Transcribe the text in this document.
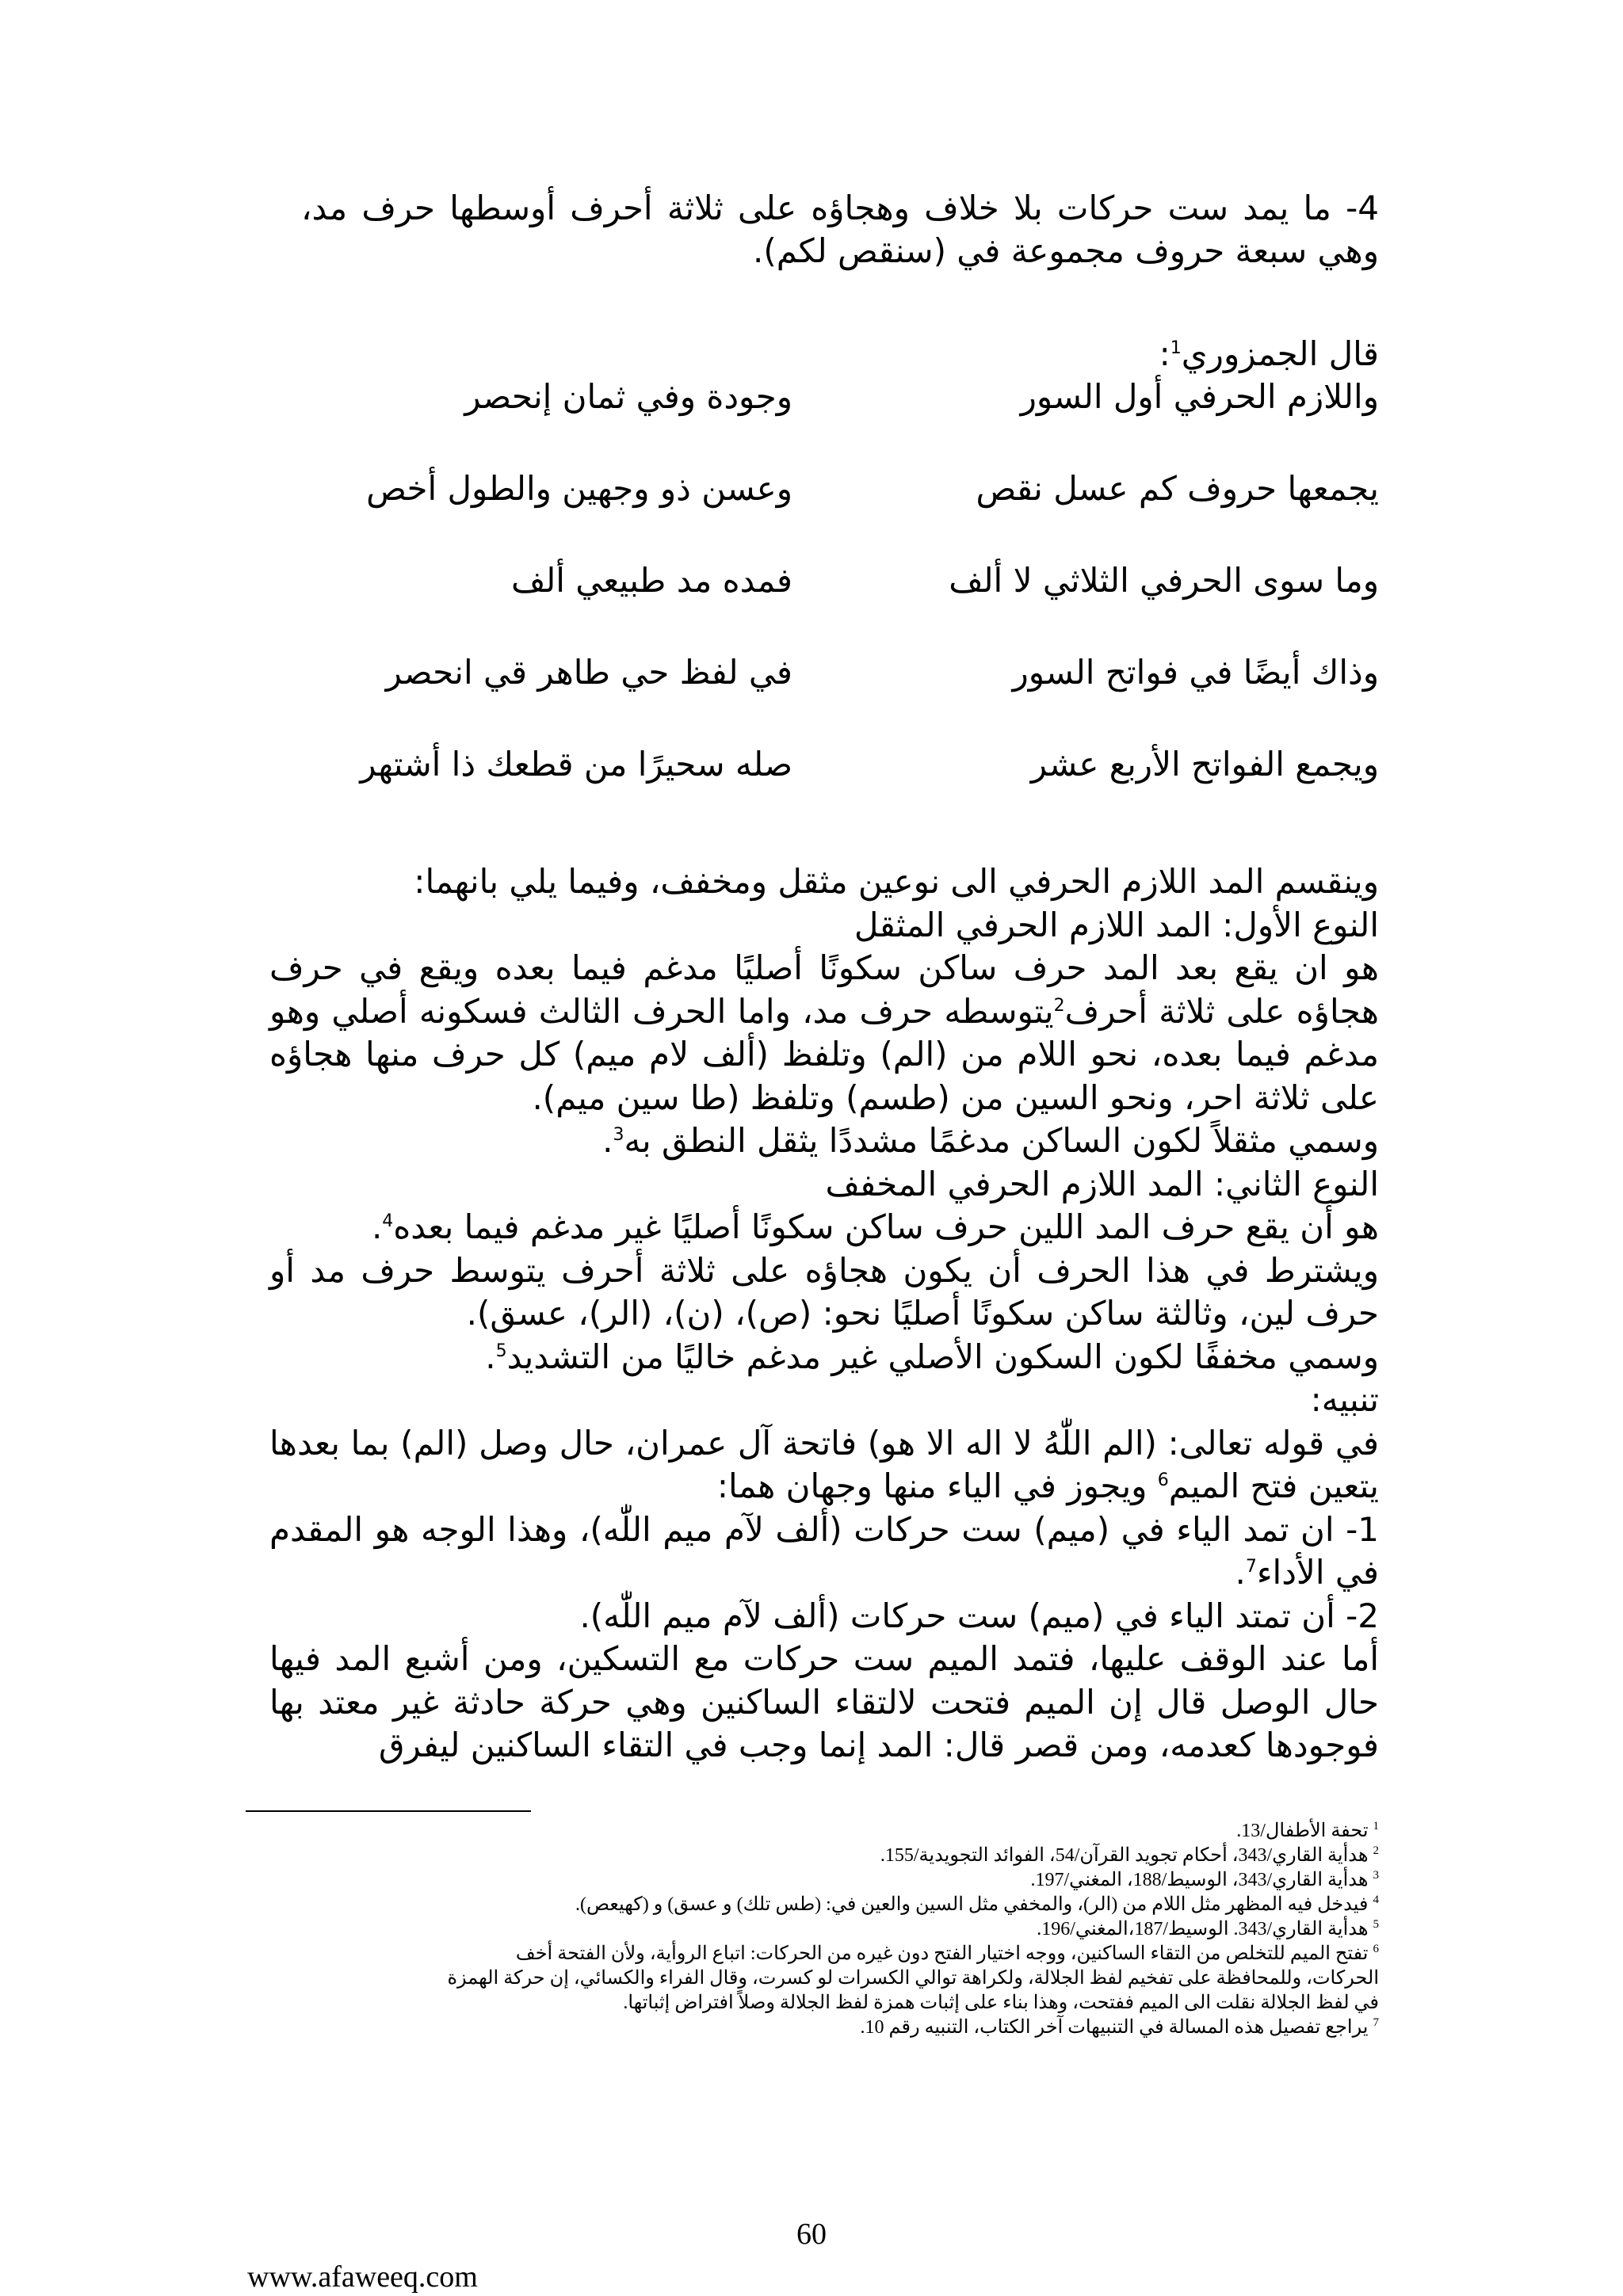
4- ما يمد ست حركات بلا خلاف وهجاؤه على ثلاثة أحرف أوسطها حرف مد، وهي سبعة حروف مجموعة في (سنقص لكم).

قال الجمزوري$^1$:
واللازم الحرفي أول السور
وجودة وفي ثمان إنحصر
يجمعها حروف كم عسل نقص
وعسن ذو وجهين والطول أخص
وما سوى الحرفي الثلاثي لا ألف
فمده مد طبيعي ألف
وذاك أيضًا في فواتح السور
في لفظ حي طاهر قي انحصر
ويجمع الفواتح الأربع عشر
صله سحيرًا من قطعك ذا أشتهر

وينقسم المد اللازم الحرفي الى نوعين مثقل ومخفف، وفيما يلي بانهما:

النوع الأول: المد اللازم الحرفي المثقل

هو ان يقع بعد المد حرف ساكن سكونًا أصليًا مدغم فيما بعده ويقع في حرف هجاؤه على ثلاثة أحرف$^2$يتوسطه حرف مد، واما الحرف الثالث فسكونه أصلي وهو مدغم فيما بعده، نحو اللام من (الم) وتلفظ (ألف لام ميم) كل حرف منها هجاؤه على ثلاثة احر، ونحو السين من (طسم) وتلفظ (طا سين ميم).

وسمي مثقلاً لكون الساكن مدغمًا مشددًا يثقل النطق به$^3$.

النوع الثاني: المد اللازم الحرفي المخفف

هو أن يقع حرف المد اللين حرف ساكن سكونًا أصليًا غير مدغم فيما بعده$^4$.

ويشترط في هذا الحرف أن يكون هجاؤه على ثلاثة أحرف يتوسط حرف مد أو حرف لين، وثالثة ساكن سكونًا أصليًا نحو: (ص)، (ن)، (الر)، عسق).

وسمي مخففًا لكون السكون الأصلي غير مدغم خاليًا من التشديد$^5$.

تنبيه:

في قوله تعالى: (الم اللّٰهُ لا اله الا هو) فاتحة آل عمران، حال وصل (الم) بما بعدها يتعين فتح الميم$^6$ ويجوز في الياء منها وجهان هما:

1- ان تمد الياء في (ميم) ست حركات (ألف لآم ميم اللّٰه)، وهذا الوجه هو المقدم في الأداء$^7$.

2- أن تمتد الياء في (ميم) ست حركات (ألف لآم ميم اللّٰه).

أما عند الوقف عليها، فتمد الميم ست حركات مع التسكين، ومن أشبع المد فيها حال الوصل قال إن الميم فتحت لالتقاء الساكنين وهي حركة حادثة غير معتد بها فوجودها كعدمه، ومن قصر قال: المد إنما وجب في التقاء الساكنين ليفرق

$^1$ تحفة الأطفال/13.

$^2$ هدأية القاري/343، أحكام تجويد القرآن/54، الفوائد التجويدية/155.

$^3$ هدأية القاري/343، الوسيط/188، المغني/197.

$^4$ فيدخل فيه المظهر مثل اللام من (الر)، والمخفي مثل السين والعين في: (طس تلك) و عسق) و (كهيعص).

$^5$ هدأية القاري/343. الوسيط/187،المغني/196.

$^6$ تفتح الميم للتخلص من التقاء الساكنين، ووجه اختيار الفتح دون غيره من الحركات: اتباع الروأية، ولأن الفتحة أخف الحركات، وللمحافظة على تفخيم لفظ الجلالة، ولكراهة توالي الكسرات لو كسرت، وقال الفراء والكسائي، إن حركة الهمزة في لفظ الجلالة نقلت الى الميم ففتحت، وهذا بناء على إثبات همزة لفظ الجلالة وصلاً افتراض إثباتها.

$^7$ يراجع تفصيل هذه المسالة في التنبيهات آخر الكتاب، التنبيه رقم 10.

60
www.afaweeq.com
